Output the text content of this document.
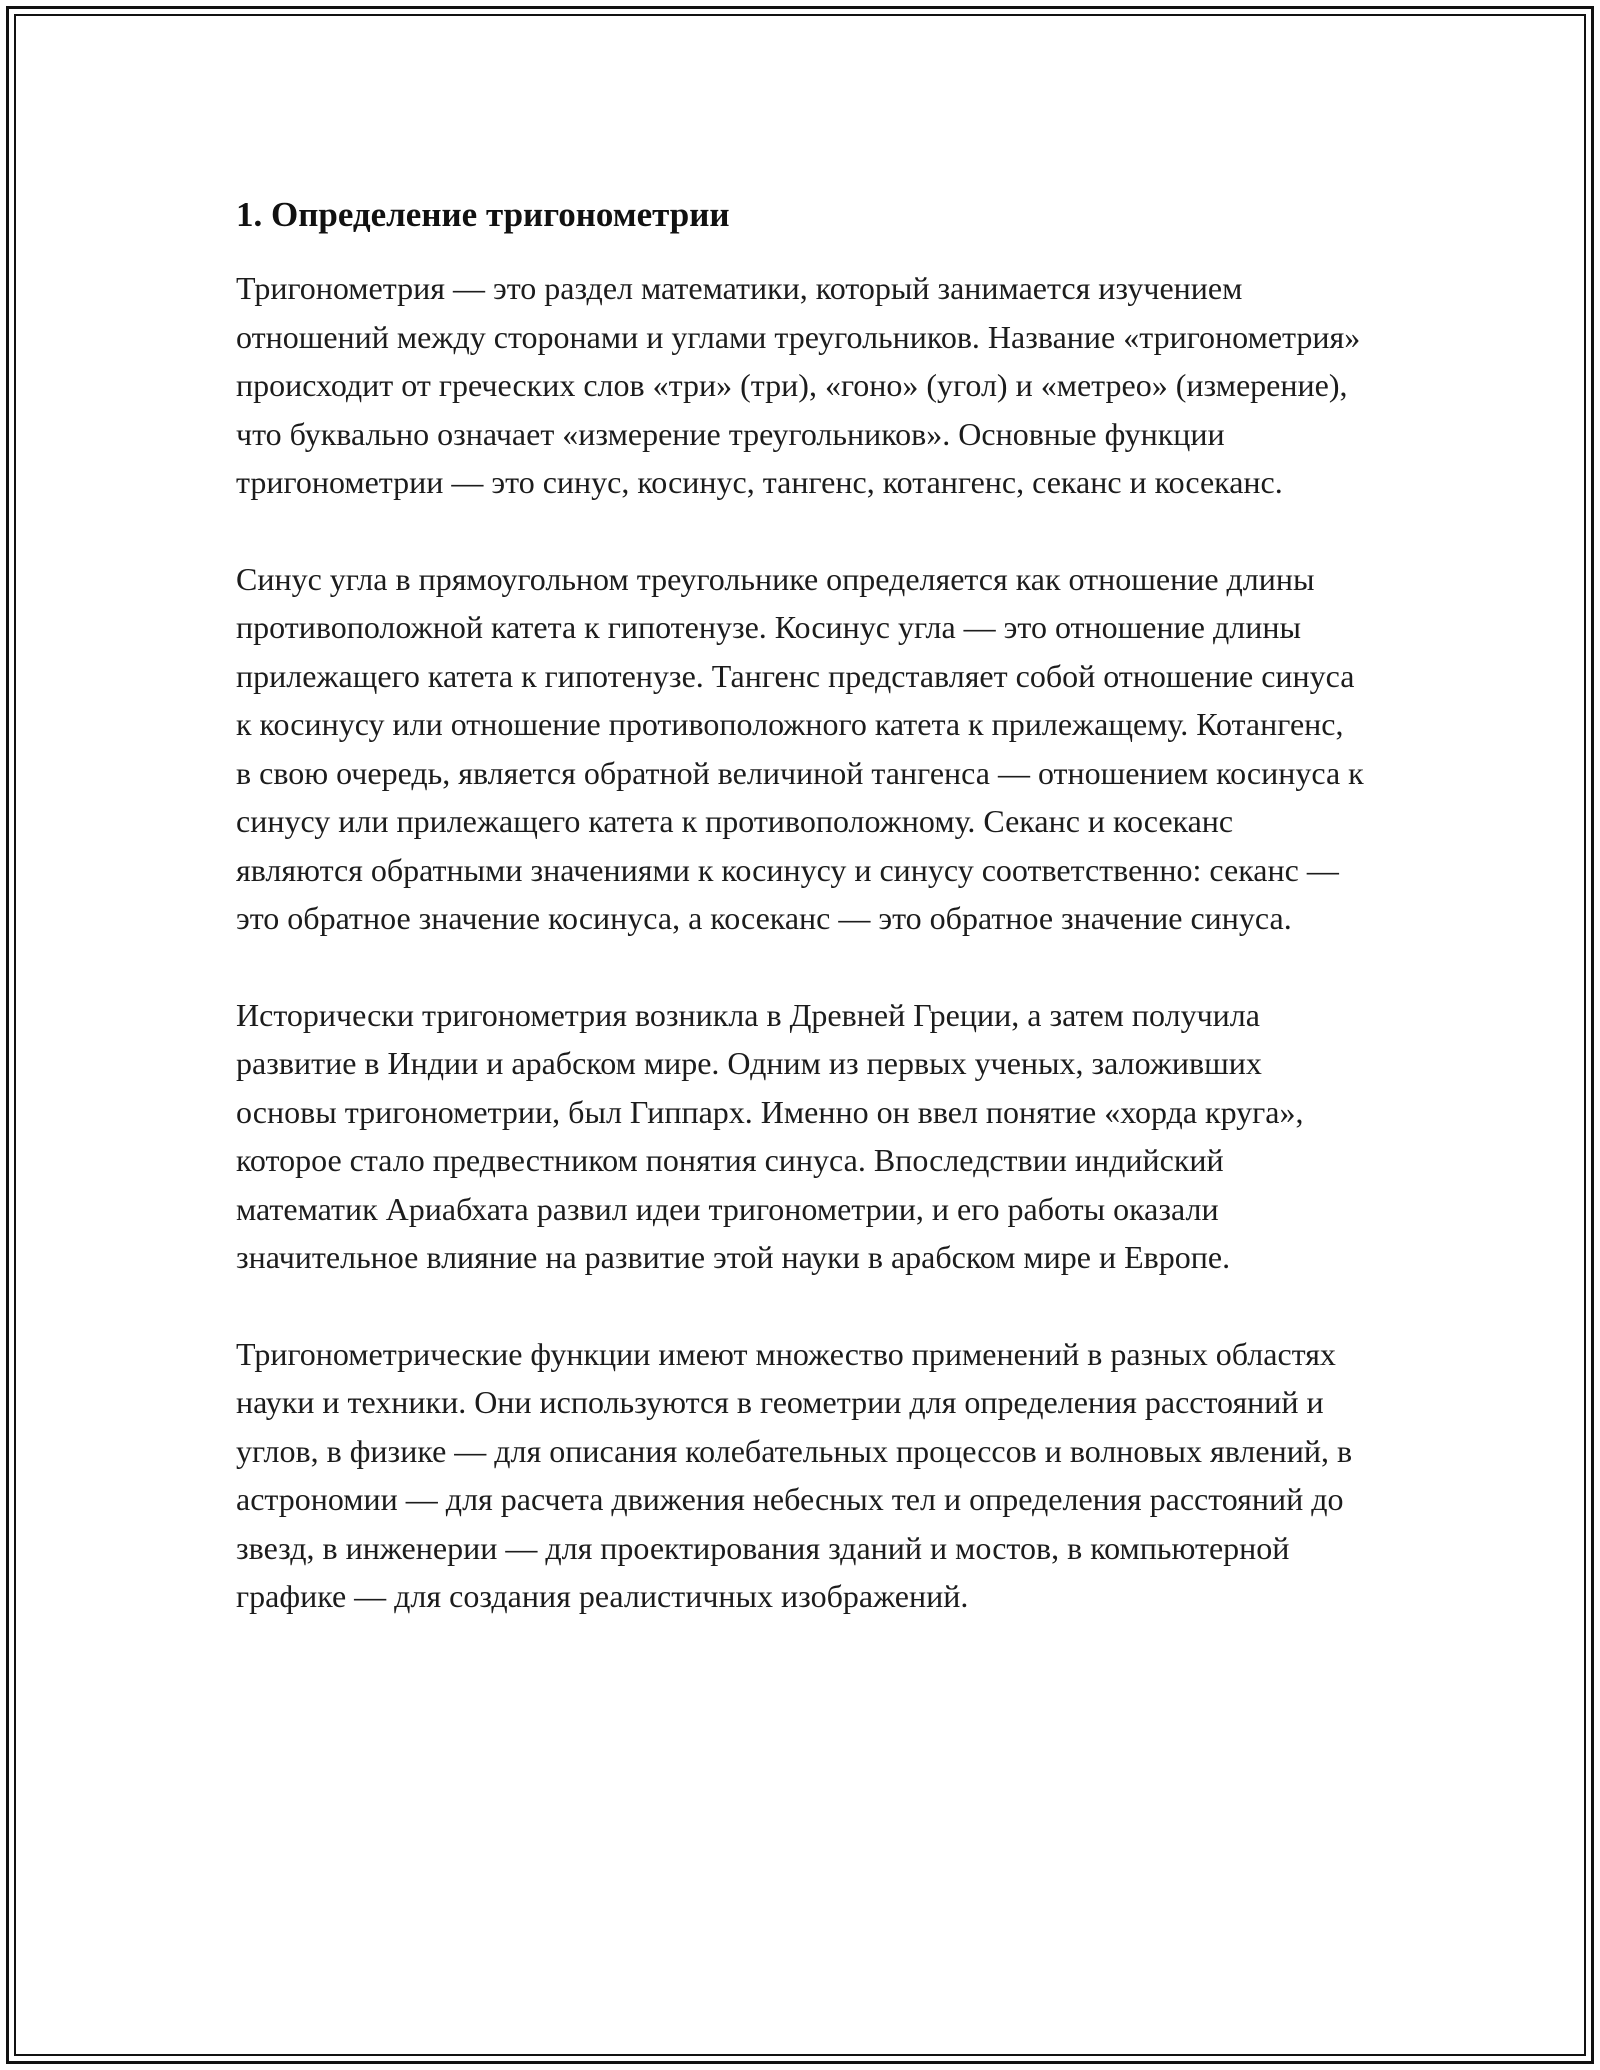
1. Определение тригонометрии

Тригонометрия — это раздел математики, который занимается изучением отношений между сторонами и углами треугольников. Название «тригонометрия» происходит от греческих слов «три» (три), «гоно» (угол) и «метрео» (измерение), что буквально означает «измерение треугольников». Основные функции тригонометрии — это синус, косинус, тангенс, котангенс, секанс и косеканс.

Синус угла в прямоугольном треугольнике определяется как отношение длины противоположной катета к гипотенузе. Косинус угла — это отношение длины прилежащего катета к гипотенузе. Тангенс представляет собой отношение синуса к косинусу или отношение противоположного катета к прилежащему. Котангенс, в свою очередь, является обратной величиной тангенса — отношением косинуса к синусу или прилежащего катета к противоположному. Секанс и косеканс являются обратными значениями к косинусу и синусу соответственно: секанс — это обратное значение косинуса, а косеканс — это обратное значение синуса.

Исторически тригонометрия возникла в Древней Греции, а затем получила развитие в Индии и арабском мире. Одним из первых ученых, заложивших основы тригонометрии, был Гиппарх. Именно он ввел понятие «хорда круга», которое стало предвестником понятия синуса. Впоследствии индийский математик Ариабхата развил идеи тригонометрии, и его работы оказали значительное влияние на развитие этой науки в арабском мире и Европе.

Тригонометрические функции имеют множество применений в разных областях науки и техники. Они используются в геометрии для определения расстояний и углов, в физике — для описания колебательных процессов и волновых явлений, в астрономии — для расчета движения небесных тел и определения расстояний до звезд, в инженерии — для проектирования зданий и мостов, в компьютерной графике — для создания реалистичных изображений.
